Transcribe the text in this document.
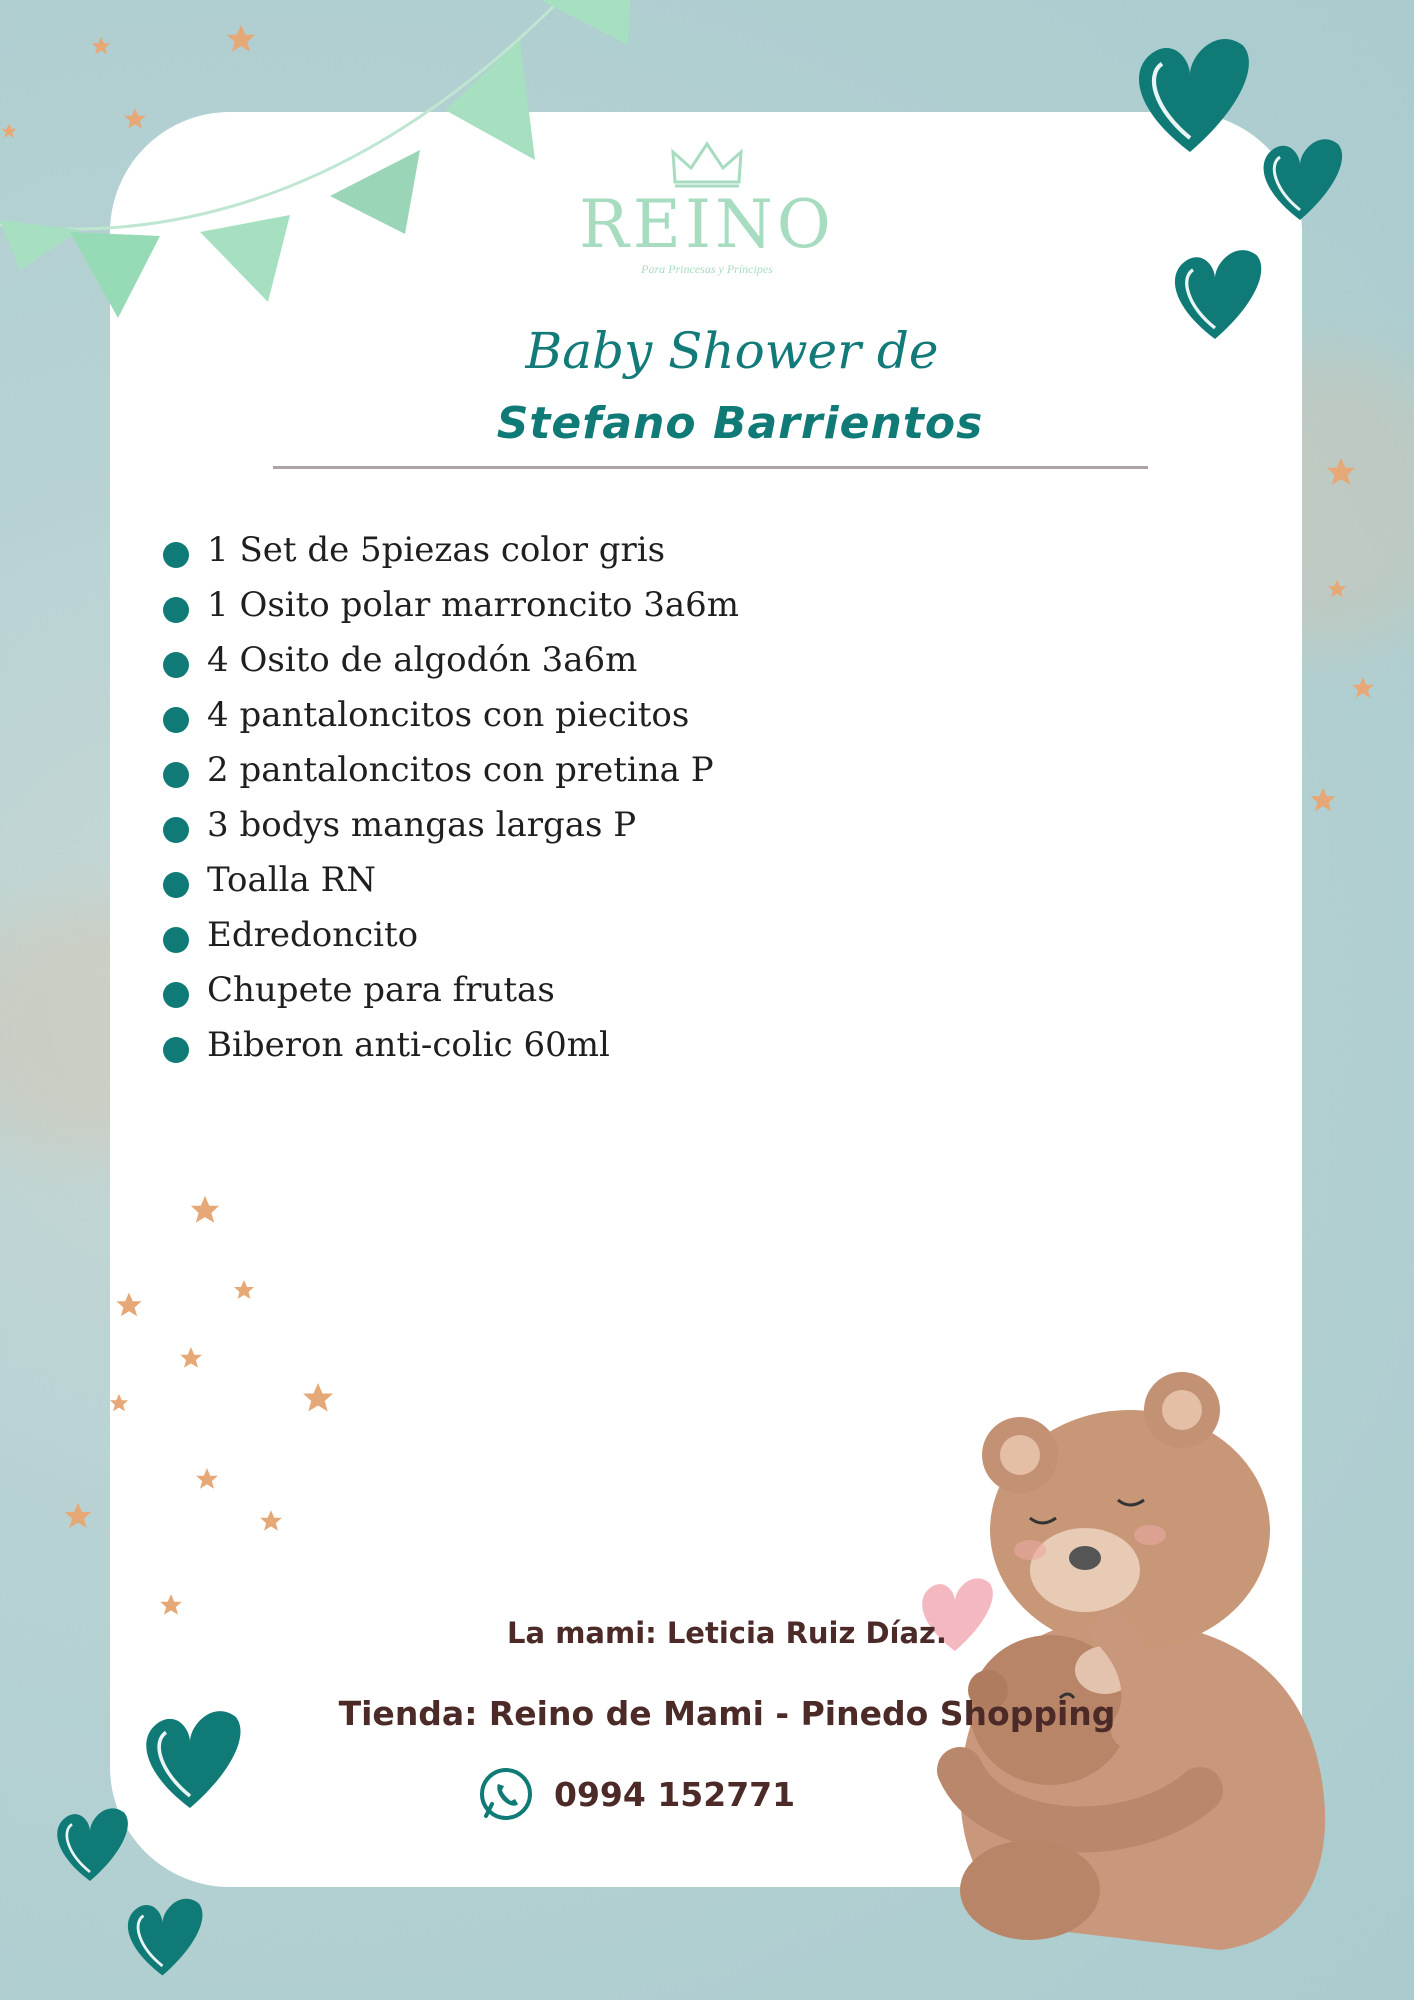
REINO
Para Princesas y Príncipes
Baby Shower de
Stefano Barrientos
1 Set de 5piezas color gris
1 Osito polar marroncito 3a6m
4 Osito de algodón 3a6m
4 pantaloncitos con piecitos
2 pantaloncitos con pretina P
3 bodys mangas largas P
Toalla RN
Edredoncito
Chupete para frutas
Biberon anti-colic 60ml
La mami: Leticia Ruiz Díaz.
Tienda: Reino de Mami - Pinedo Shopping
0994 152771
